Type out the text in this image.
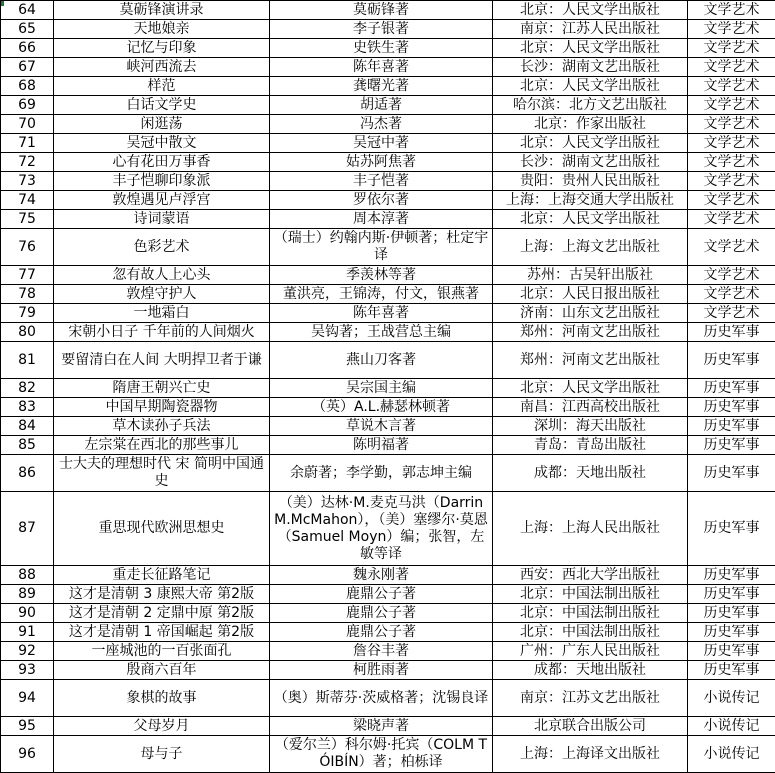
64	莫砺锋演讲录	莫砺锋著	北京：人民文学出版社	文学艺术
65	天地娘亲	李子银著	南京：江苏人民出版社	文学艺术
66	记忆与印象	史铁生著	北京：人民文学出版社	文学艺术
67	峡河西流去	陈年喜著	长沙：湖南文艺出版社	文学艺术
68	样范	龚曙光著	北京：人民文学出版社	文学艺术
69	白话文学史	胡适著	哈尔滨：北方文艺出版社	文学艺术
70	闲逛荡	冯杰著	北京：作家出版社	文学艺术
71	吴冠中散文	吴冠中著	北京：人民文学出版社	文学艺术
72	心有花田万事香	姑苏阿焦著	长沙：湖南文艺出版社	文学艺术
73	丰子恺聊印象派	丰子恺著	贵阳：贵州人民出版社	文学艺术
74	敦煌遇见卢浮宫	罗依尔著	上海：上海交通大学出版社	文学艺术
75	诗词蒙语	周本淳著	北京：人民文学出版社	文学艺术
76	色彩艺术	（瑞士）约翰内斯·伊顿著；杜定宇译	上海：上海文艺出版社	文学艺术
77	忽有故人上心头	季羡林等著	苏州：古吴轩出版社	文学艺术
78	敦煌守护人	董洪亮，王锦涛，付文，银燕著	北京：人民日报出版社	文学艺术
79	一地霜白	陈年喜著	济南：山东文艺出版社	文学艺术
80	宋朝小日子 千年前的人间烟火	吴钩著；王战营总主编	郑州：河南文艺出版社	历史军事
81	要留清白在人间 大明捍卫者于谦	燕山刀客著	郑州：河南文艺出版社	历史军事
82	隋唐王朝兴亡史	吴宗国主编	北京：人民文学出版社	历史军事
83	中国早期陶瓷器物	（英）A.L.赫瑟林顿著	南昌：江西高校出版社	历史军事
84	草木读孙子兵法	草说木言著	深圳：海天出版社	历史军事
85	左宗棠在西北的那些事儿	陈明福著	青岛：青岛出版社	历史军事
86	士大夫的理想时代 宋 简明中国通史	余蔚著；李学勤，郭志坤主编	成都：天地出版社	历史军事
87	重思现代欧洲思想史	（美）达林·M.麦克马洪（Darrin M.McMahon），（美）塞缪尔·莫恩（Samuel Moyn）编；张智，左敏等译	上海：上海人民出版社	历史军事
88	重走长征路笔记	魏永刚著	西安：西北大学出版社	历史军事
89	这才是清朝 3 康熙大帝 第2版	鹿鼎公子著	北京：中国法制出版社	历史军事
90	这才是清朝 2 定鼎中原 第2版	鹿鼎公子著	北京：中国法制出版社	历史军事
91	这才是清朝 1 帝国崛起 第2版	鹿鼎公子著	北京：中国法制出版社	历史军事
92	一座城池的一百张面孔	詹谷丰著	广州：广东人民出版社	历史军事
93	殷商六百年	柯胜雨著	成都：天地出版社	历史军事
94	象棋的故事	（奥）斯蒂芬·茨威格著；沈锡良译	南京：江苏文艺出版社	小说传记
95	父母岁月	梁晓声著	北京联合出版公司	小说传记
96	母与子	（爱尔兰）科尔姆·托宾（COLM TÓIBÍN）著；柏栎译	上海：上海译文出版社	小说传记
